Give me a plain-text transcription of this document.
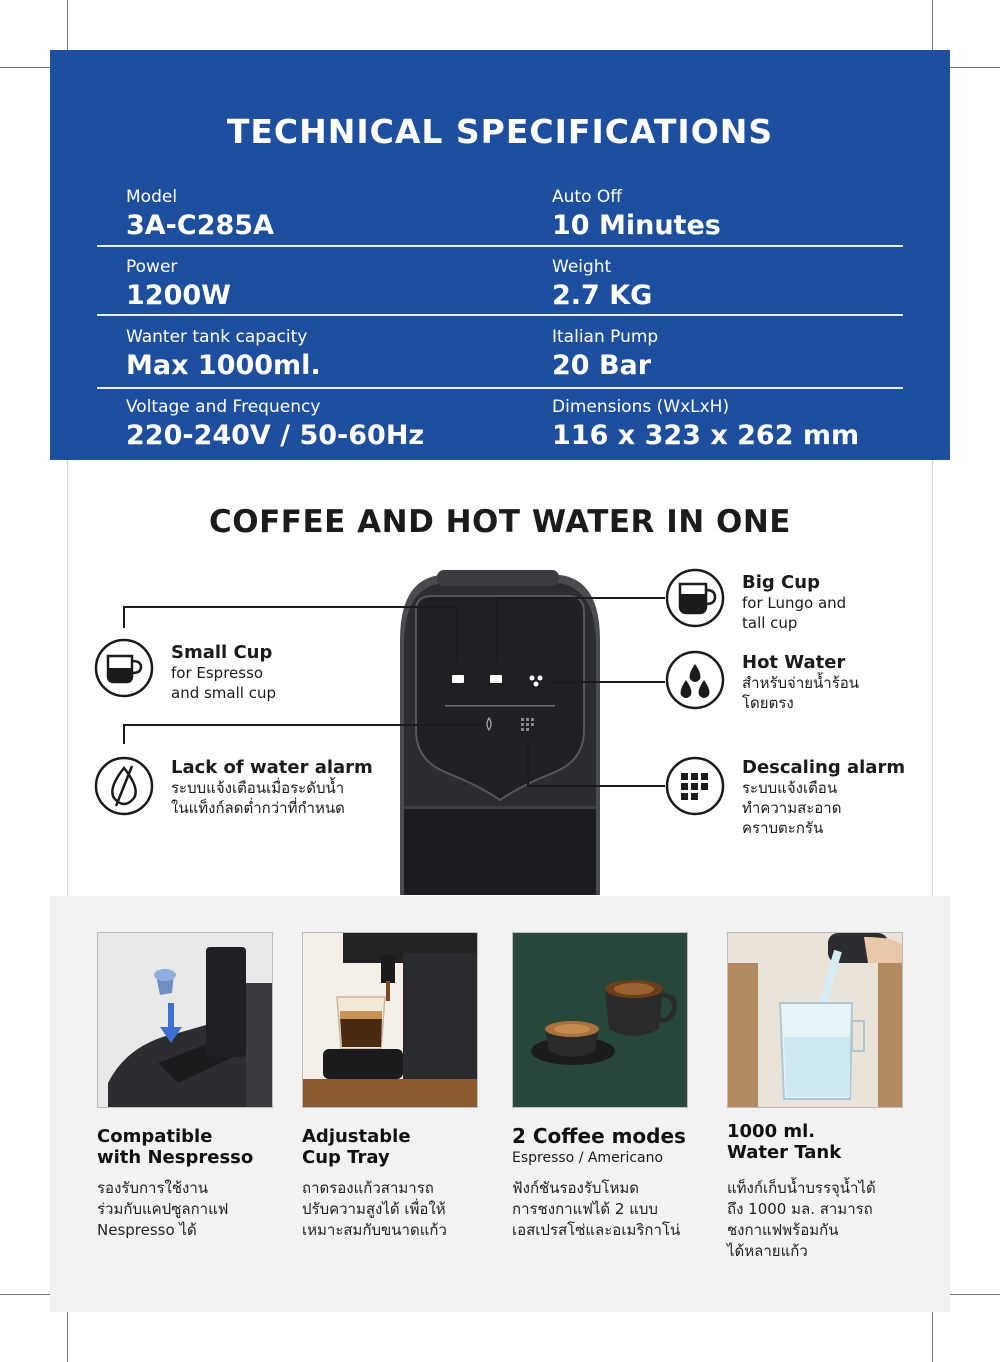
TECHNICAL SPECIFICATIONS
Model
3A-C285A
Auto Off
10 Minutes
Power
1200W
Weight
2.7 KG
Wanter tank capacity
Max 1000ml.
Italian Pump
20 Bar
Voltage and Frequency
220-240V / 50-60Hz
Dimensions (WxLxH)
116 x 323 x 262 mm
COFFEE AND HOT WATER IN ONE
Small Cup
for Espresso
and small cup
Lack of water alarm
ระบบแจ้งเตือนเมื่อระดับน้ำ
ในแท็งก์ลดต่ำกว่าที่กำหนด
Big Cup
for Lungo and
tall cup
Hot Water
สำหรับจ่ายน้ำร้อน
โดยตรง
Descaling alarm
ระบบแจ้งเตือน
ทำความสะอาด
คราบตะกรัน
Compatible
with Nespresso
รองรับการใช้งาน
ร่วมกับแคปซูลกาแฟ
Nespresso ได้
Adjustable
Cup Tray
ถาดรองแก้วสามารถ
ปรับความสูงได้ เพื่อให้
เหมาะสมกับขนาดแก้ว
2 Coffee modes
Espresso / Americano
ฟังก์ชันรองรับโหมด
การชงกาแฟได้ 2 แบบ
เอสเปรสโซ่และอเมริกาโน่
1000 ml.
Water Tank
แท็งก์เก็บน้ำบรรจุน้ำได้
ถึง 1000 มล. สามารถ
ชงกาแฟพร้อมกัน
ได้หลายแก้ว
